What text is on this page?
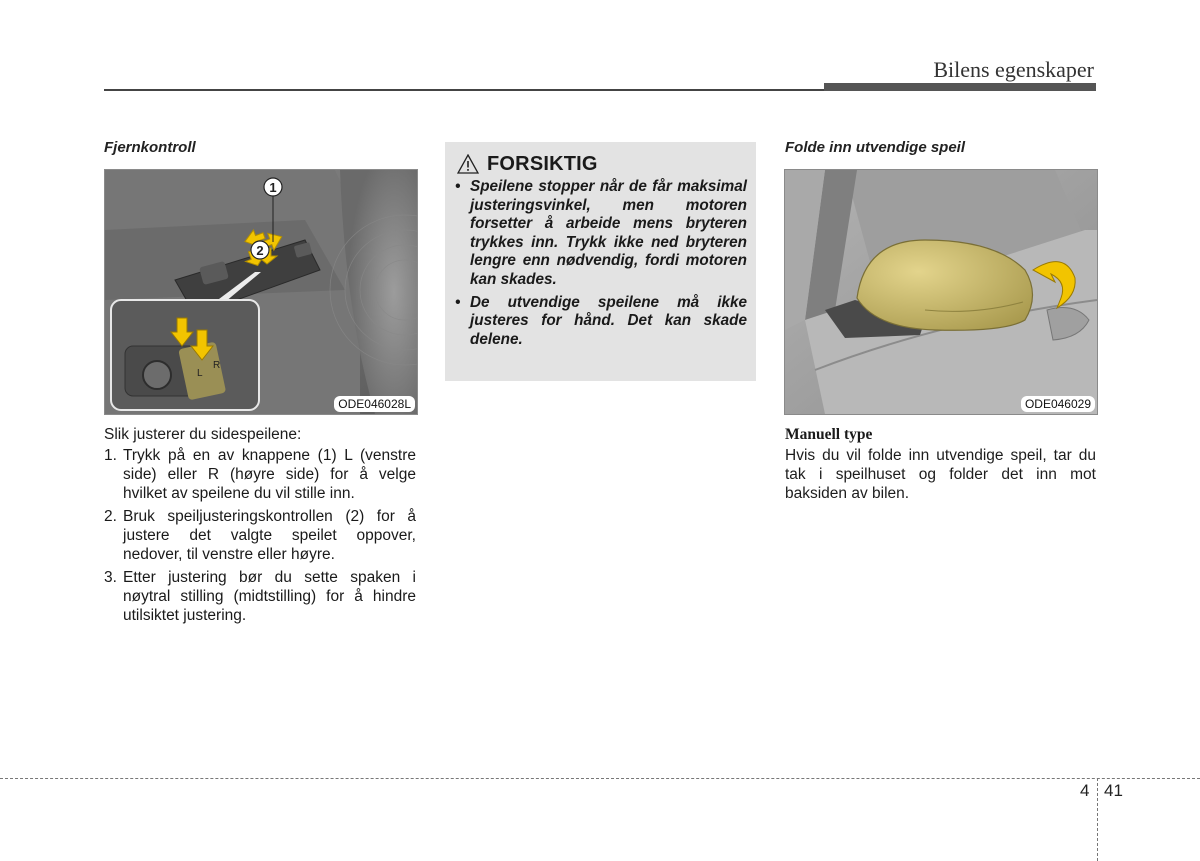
Bilens egenskaper
Fjernkontroll
2
1
L
R
ODE046028L
Slik justerer du sidespeilene:
1. Trykk på en av knappene (1) L (venstre side) eller R (høyre side) for å velge hvilket av speilene du vil stille inn.
2. Bruk speiljusteringskontrollen (2) for å justere det valgte speilet oppover, nedover, til venstre eller høyre.
3. Etter justering bør du sette spaken i nøytral stilling (midtstilling) for å hindre utilsiktet justering.
FORSIKTIG
• Speilene stopper når de får maksimal justeringsvinkel, men motoren forsetter å arbeide mens bryteren trykkes inn. Trykk ikke ned bryteren lengre enn nødvendig, fordi motoren kan skades.
• De utvendige speilene må ikke justeres for hånd. Det kan skade delene.
Folde inn utvendige speil
ODE046029
Manuell type
Hvis du vil folde inn utvendige speil, tar du tak i speilhuset og folder det inn mot baksiden av bilen.
4 41
